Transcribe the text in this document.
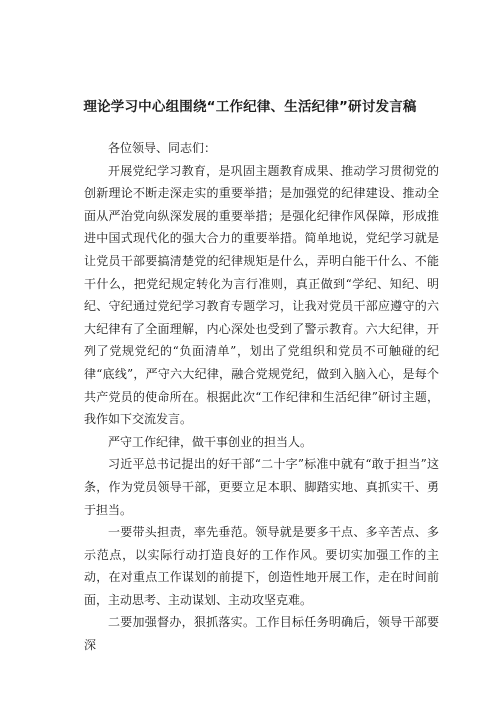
理论学习中心组围绕“工作纪律、生活纪律”研讨发言稿

各位领导、同志们：

开展党纪学习教育，是巩固主题教育成果、推动学习贯彻党的创新理论不断走深走实的重要举措；是加强党的纪律建设、推动全面从严治党向纵深发展的重要举措；是强化纪律作风保障，形成推进中国式现代化的强大合力的重要举措。简单地说，党纪学习就是让党员干部要搞清楚党的纪律规矩是什么，弄明白能干什么、不能干什么，把党纪规定转化为言行准则，真正做到“学纪、知纪、明纪、守纪通过党纪学习教育专题学习，让我对党员干部应遵守的六大纪律有了全面理解，内心深处也受到了警示教育。六大纪律，开列了党规党纪的“负面清单”，划出了党组织和党员不可触碰的纪律“底线”，严守六大纪律，融合党规党纪，做到入脑入心，是每个共产党员的使命所在。根据此次“工作纪律和生活纪律”研讨主题，我作如下交流发言。

严守工作纪律，做干事创业的担当人。

习近平总书记提出的好干部“二十字”标准中就有“敢于担当”这条，作为党员领导干部，更要立足本职、脚踏实地、真抓实干、勇于担当。

一要带头担责，率先垂范。领导就是要多干点、多辛苦点、多示范点，以实际行动打造良好的工作作风。要切实加强工作的主动，在对重点工作谋划的前提下，创造性地开展工作，走在时间前面，主动思考、主动谋划、主动攻坚克难。

二要加强督办，狠抓落实。工作目标任务明确后，领导干部要深
